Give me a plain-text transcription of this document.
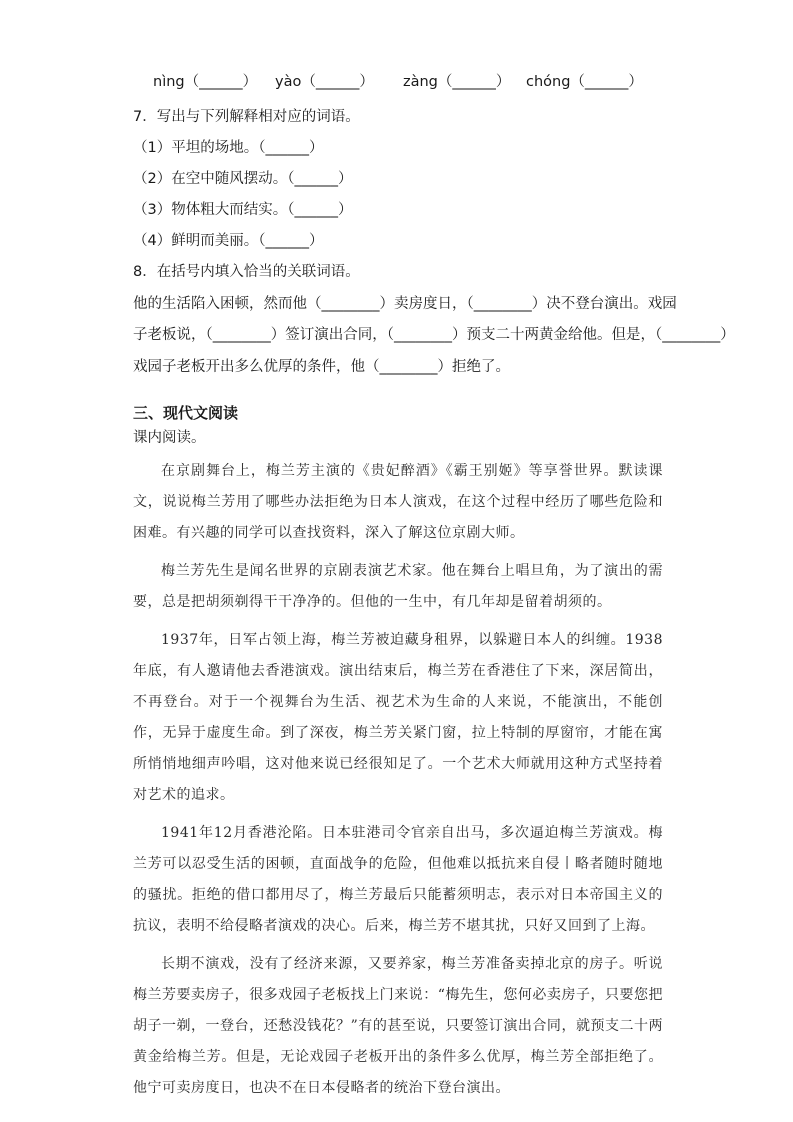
nìng（______） yào（______） zàng（______） chóng（______）
7．写出与下列解释相对应的词语。
（1）平坦的场地。（______）
（2）在空中随风摆动。（______）
（3）物体粗大而结实。（______）
（4）鲜明而美丽。（______）
8．在括号内填入恰当的关联词语。
他的生活陷入困顿，然而他（________）卖房度日，（________）决不登台演出。戏园
子老板说，（________）签订演出合同，（________）预支二十两黄金给他。但是，（________）
戏园子老板开出多么优厚的条件，他（________）拒绝了。
三、现代文阅读
课内阅读。

在京剧舞台上，梅兰芳主演的《贵妃醉酒》《霸王别姬》等享誉世界。默读课文，说说梅兰芳用了哪些办法拒绝为日本人演戏，在这个过程中经历了哪些危险和困难。有兴趣的同学可以查找资料，深入了解这位京剧大师。

梅兰芳先生是闻名世界的京剧表演艺术家。他在舞台上唱旦角，为了演出的需要，总是把胡须剃得干干净净的。但他的一生中，有几年却是留着胡须的。

1937年，日军占领上海，梅兰芳被迫藏身租界，以躲避日本人的纠缠。1938年底，有人邀请他去香港演戏。演出结束后，梅兰芳在香港住了下来，深居简出，不再登台。对于一个视舞台为生活、视艺术为生命的人来说，不能演出，不能创作，无异于虚度生命。到了深夜，梅兰芳关紧门窗，拉上特制的厚窗帘，才能在寓所悄悄地细声吟唱，这对他来说已经很知足了。一个艺术大师就用这种方式坚持着对艺术的追求。

1941年12月香港沦陷。日本驻港司令官亲自出马，多次逼迫梅兰芳演戏。梅兰芳可以忍受生活的困顿，直面战争的危险，但他难以抵抗来自侵丨略者随时随地的骚扰。拒绝的借口都用尽了，梅兰芳最后只能蓄须明志，表示对日本帝国主义的抗议，表明不给侵略者演戏的决心。后来，梅兰芳不堪其扰，只好又回到了上海。

长期不演戏，没有了经济来源，又要养家，梅兰芳准备卖掉北京的房子。听说梅兰芳要卖房子，很多戏园子老板找上门来说：“梅先生，您何必卖房子，只要您把胡子一剃，一登台，还愁没钱花？”有的甚至说，只要签订演出合同，就预支二十两黄金给梅兰芳。但是，无论戏园子老板开出的条件多么优厚，梅兰芳全部拒绝了。他宁可卖房度日，也决不在日本侵略者的统治下登台演出。
